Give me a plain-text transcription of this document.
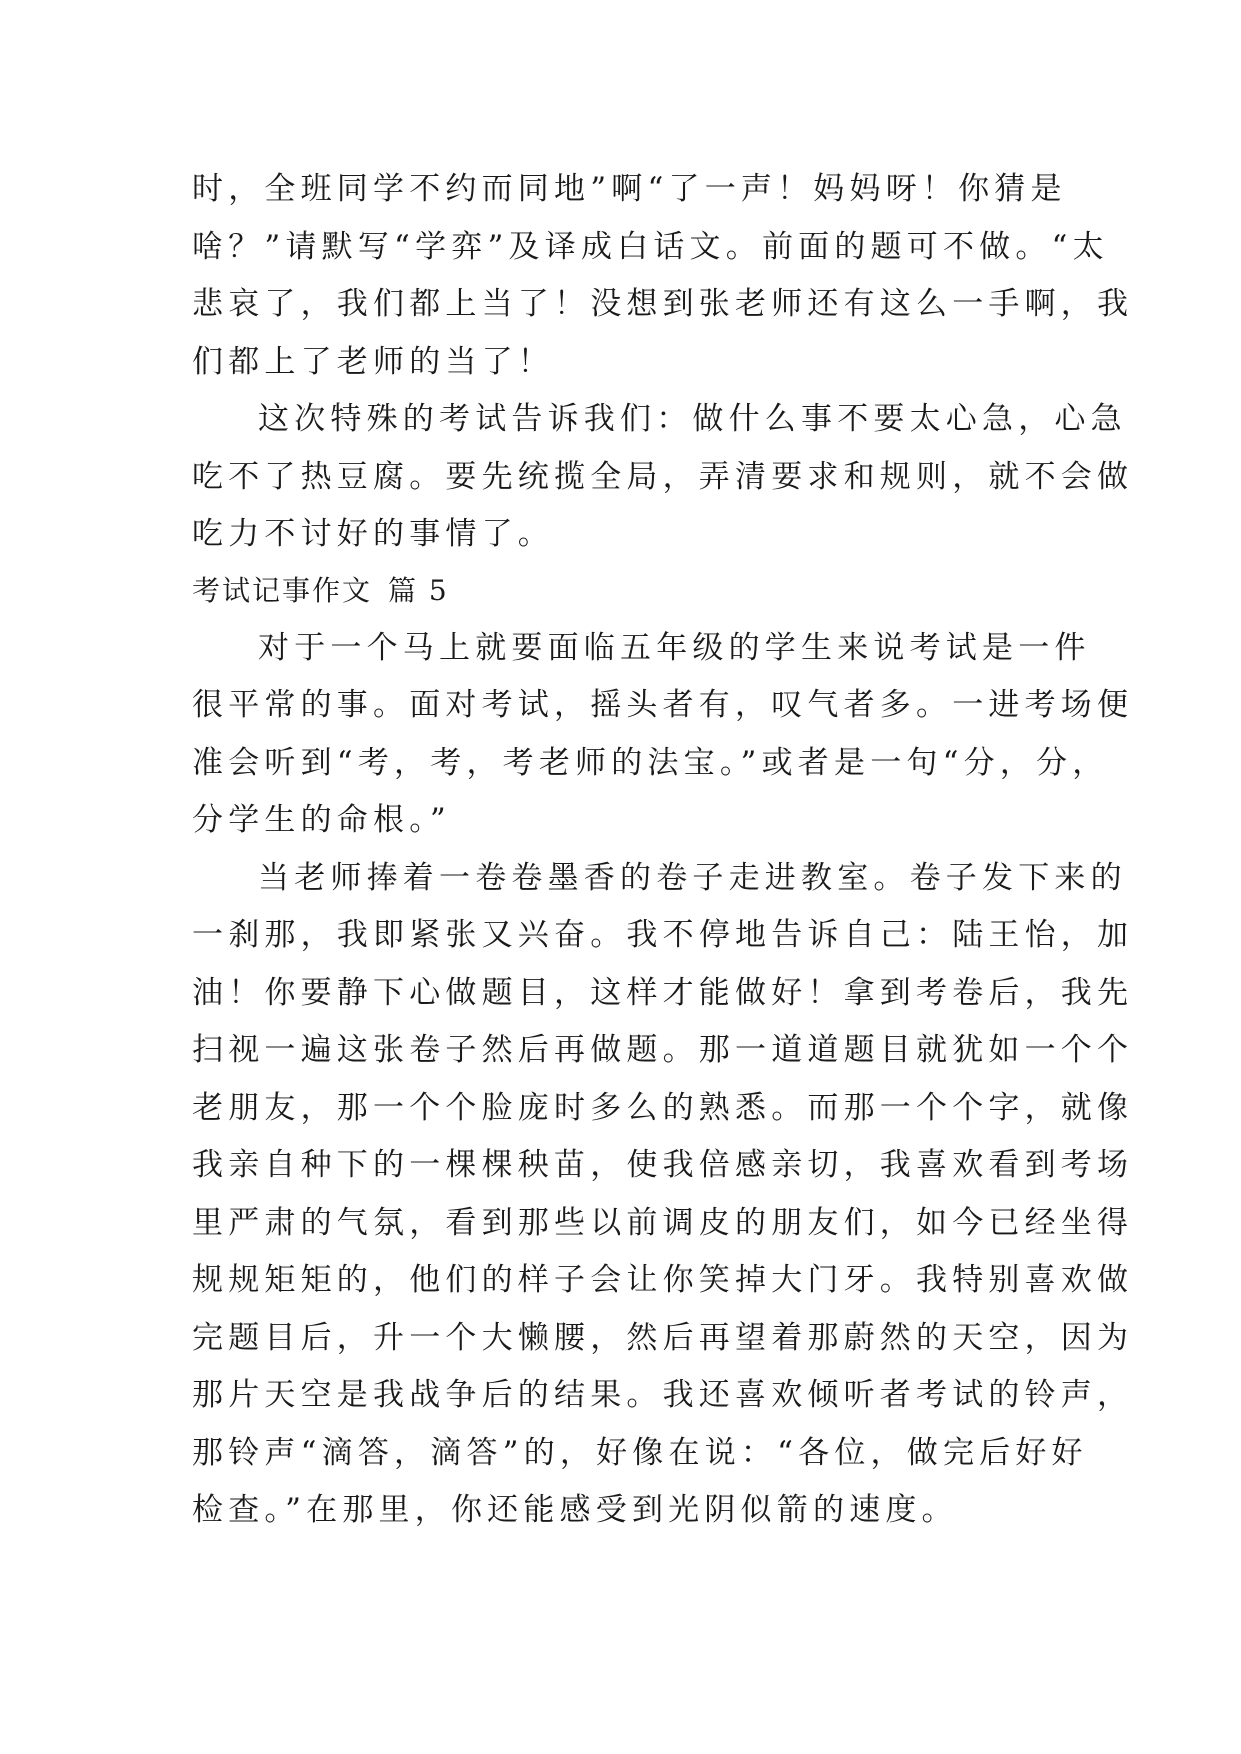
时，全班同学不约而同地”啊“了一声！妈妈呀！你猜是
啥？”请默写“学弈”及译成白话文。前面的题可不做。“太
悲哀了，我们都上当了！没想到张老师还有这么一手啊，我
们都上了老师的当了！
这次特殊的考试告诉我们：做什么事不要太心急，心急
吃不了热豆腐。要先统揽全局，弄清要求和规则，就不会做
吃力不讨好的事情了。
考试记事作文 篇 5
对于一个马上就要面临五年级的学生来说考试是一件
很平常的事。面对考试，摇头者有，叹气者多。一进考场便
准会听到“考，考，考老师的法宝。”或者是一句“分，分，
分学生的命根。”
当老师捧着一卷卷墨香的卷子走进教室。卷子发下来的
一刹那，我即紧张又兴奋。我不停地告诉自己：陆王怡，加
油！你要静下心做题目，这样才能做好！拿到考卷后，我先
扫视一遍这张卷子然后再做题。那一道道题目就犹如一个个
老朋友，那一个个脸庞时多么的熟悉。而那一个个字，就像
我亲自种下的一棵棵秧苗，使我倍感亲切，我喜欢看到考场
里严肃的气氛，看到那些以前调皮的朋友们，如今已经坐得
规规矩矩的，他们的样子会让你笑掉大门牙。我特别喜欢做
完题目后，升一个大懒腰，然后再望着那蔚然的天空，因为
那片天空是我战争后的结果。我还喜欢倾听者考试的铃声，
那铃声“滴答，滴答”的，好像在说：“各位，做完后好好
检查。”在那里，你还能感受到光阴似箭的速度。
